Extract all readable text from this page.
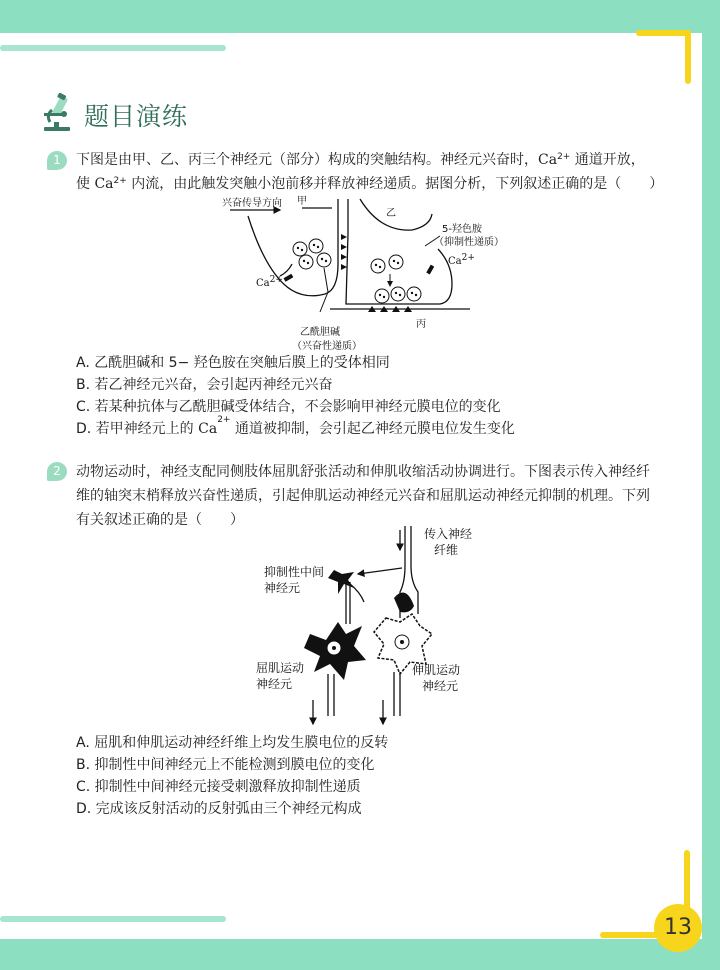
题目演练
1	下图是由甲、乙、丙三个神经元（部分）构成的突触结构。神经元兴奋时，$Ca^{2+}$ 通道开放，
使 $Ca^{2+}$ 内流，由此触发突触小泡前移并释放神经递质。据图分析，下列叙述正确的是（　　）
兴奋传导方向 甲
乙
5-羟色胺
（抑制性递质）
Ca2+
Ca2+
丙
乙酰胆碱
（兴奋性递质）
A. 乙酰胆碱和 5− 羟色胺在突触后膜上的受体相同
B. 若乙神经元兴奋，会引起丙神经元兴奋
C. 若某种抗体与乙酰胆碱受体结合，不会影响甲神经元膜电位的变化
D. 若甲神经元上的 $Ca^{2+}$ 通道被抑制，会引起乙神经元膜电位发生变化
2	动物运动时，神经支配同侧肢体屈肌舒张活动和伸肌收缩活动协调进行。下图表示传入神经纤
维的轴突末梢释放兴奋性递质，引起伸肌运动神经元兴奋和屈肌运动神经元抑制的机理。下列
有关叙述正确的是（　　）
传入神经
纤维
抑制性中间
神经元
屈肌运动
神经元
伸肌运动
神经元
A. 屈肌和伸肌运动神经纤维上均发生膜电位的反转
B. 抑制性中间神经元上不能检测到膜电位的变化
C. 抑制性中间神经元接受刺激释放抑制性递质
D. 完成该反射活动的反射弧由三个神经元构成
13
